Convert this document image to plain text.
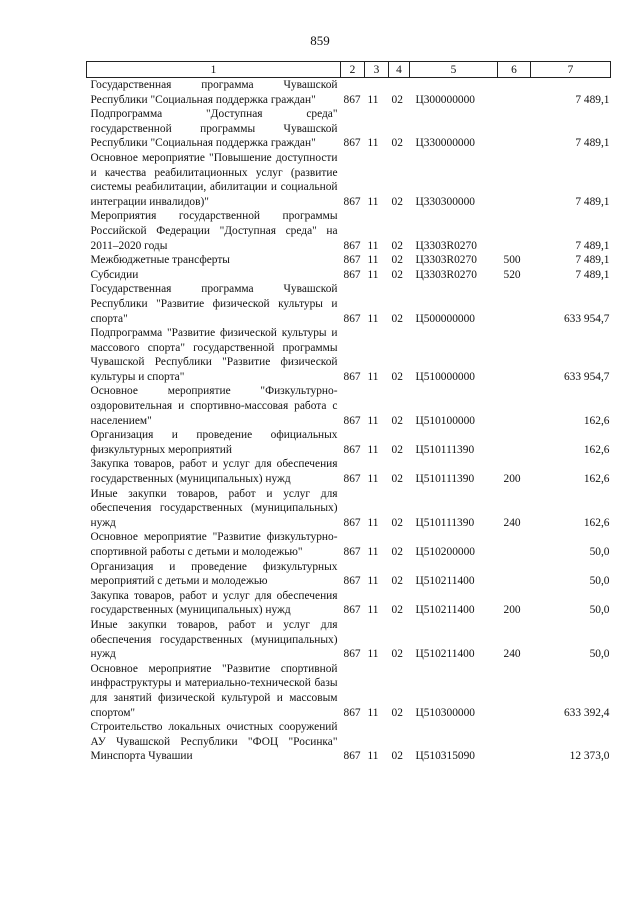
859
1	2	3	4	5	6	7
Государственная программа Чувашской Республики "Социальная поддержка граждан"	867	11	02	Ц300000000		7 489,1
Подпрограмма "Доступная среда" государственной программы Чувашской Республики "Социальная поддержка граждан"	867	11	02	Ц330000000		7 489,1
Основное мероприятие "Повышение доступности и качества реабилитационных услуг (развитие системы реабилитации, абилитации и социальной интеграции инвалидов)"	867	11	02	Ц330300000		7 489,1
Мероприятия государственной программы Российской Федерации "Доступная среда" на 2011–2020 годы	867	11	02	Ц3303R0270		7 489,1
Межбюджетные трансферты	867	11	02	Ц3303R0270	500	7 489,1
Субсидии	867	11	02	Ц3303R0270	520	7 489,1
Государственная программа Чувашской Республики "Развитие физической культуры и спорта"	867	11	02	Ц500000000		633 954,7
Подпрограмма "Развитие физической культуры и массового спорта" государственной программы Чувашской Республики "Развитие физической культуры и спорта"	867	11	02	Ц510000000		633 954,7
Основное мероприятие "Физкультурно-оздоровительная и спортивно-массовая работа с населением"	867	11	02	Ц510100000		162,6
Организация и проведение официальных физкультурных мероприятий	867	11	02	Ц510111390		162,6
Закупка товаров, работ и услуг для обеспечения государственных (муниципальных) нужд	867	11	02	Ц510111390	200	162,6
Иные закупки товаров, работ и услуг для обеспечения государственных (муниципальных) нужд	867	11	02	Ц510111390	240	162,6
Основное мероприятие "Развитие физкультурно-спортивной работы с детьми и молодежью"	867	11	02	Ц510200000		50,0
Организация и проведение физкультурных мероприятий с детьми и молодежью	867	11	02	Ц510211400		50,0
Закупка товаров, работ и услуг для обеспечения государственных (муниципальных) нужд	867	11	02	Ц510211400	200	50,0
Иные закупки товаров, работ и услуг для обеспечения государственных (муниципальных) нужд	867	11	02	Ц510211400	240	50,0
Основное мероприятие "Развитие спортивной инфраструктуры и материально-технической базы для занятий физической культурой и массовым спортом"	867	11	02	Ц510300000		633 392,4
Строительство локальных очистных сооружений АУ Чувашской Республики "ФОЦ "Росинка" Минспорта Чувашии	867	11	02	Ц510315090		12 373,0
